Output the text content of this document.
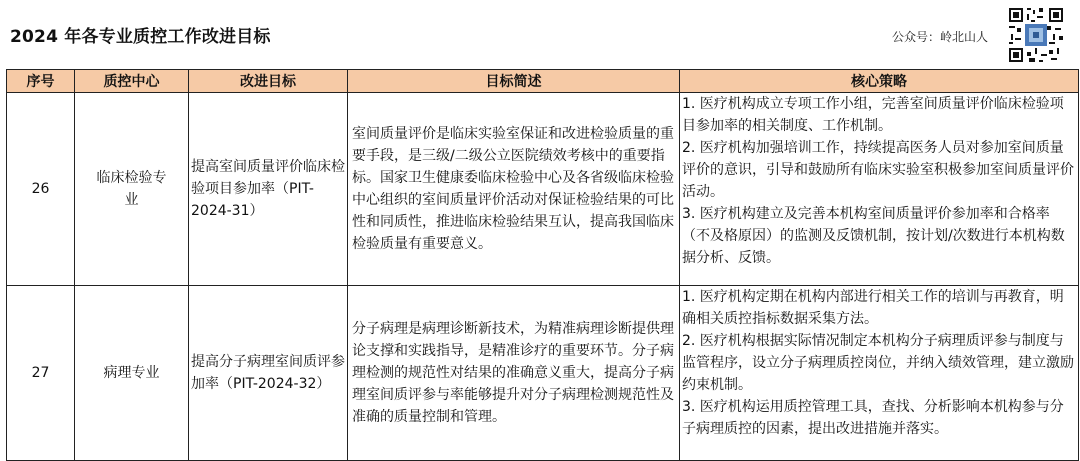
2024 年各专业质控工作改进目标	公众号：岭北山人
序号	质控中心	改进目标	目标简述	核心策略
26	临床检验专业	提高室间质量评价临床检验项目参加率（PIT-2024-31）	室间质量评价是临床实验室保证和改进检验质量的重要手段，是三级/二级公立医院绩效考核中的重要指标。国家卫生健康委临床检验中心及各省级临床检验中心组织的室间质量评价活动对保证检验结果的可比性和同质性，推进临床检验结果互认，提高我国临床检验质量有重要意义。	1. 医疗机构成立专项工作小组，完善室间质量评价临床检验项目参加率的相关制度、工作机制。
2. 医疗机构加强培训工作，持续提高医务人员对参加室间质量评价的意识，引导和鼓励所有临床实验室积极参加室间质量评价活动。
3. 医疗机构建立及完善本机构室间质量评价参加率和合格率（不及格原因）的监测及反馈机制，按计划/次数进行本机构数据分析、反馈。

27	病理专业	提高分子病理室间质评参加率（PIT-2024-32）	分子病理是病理诊断新技术，为精准病理诊断提供理论支撑和实践指导，是精准诊疗的重要环节。分子病理检测的规范性对结果的准确意义重大，提高分子病理室间质评参与率能够提升对分子病理检测规范性及准确的质量控制和管理。	1. 医疗机构定期在机构内部进行相关工作的培训与再教育，明确相关质控指标数据采集方法。
2. 医疗机构根据实际情况制定本机构分子病理质评参与制度与监管程序，设立分子病理质控岗位，并纳入绩效管理，建立激励约束机制。
3. 医疗机构运用质控管理工具，查找、分析影响本机构参与分子病理质控的因素，提出改进措施并落实。
